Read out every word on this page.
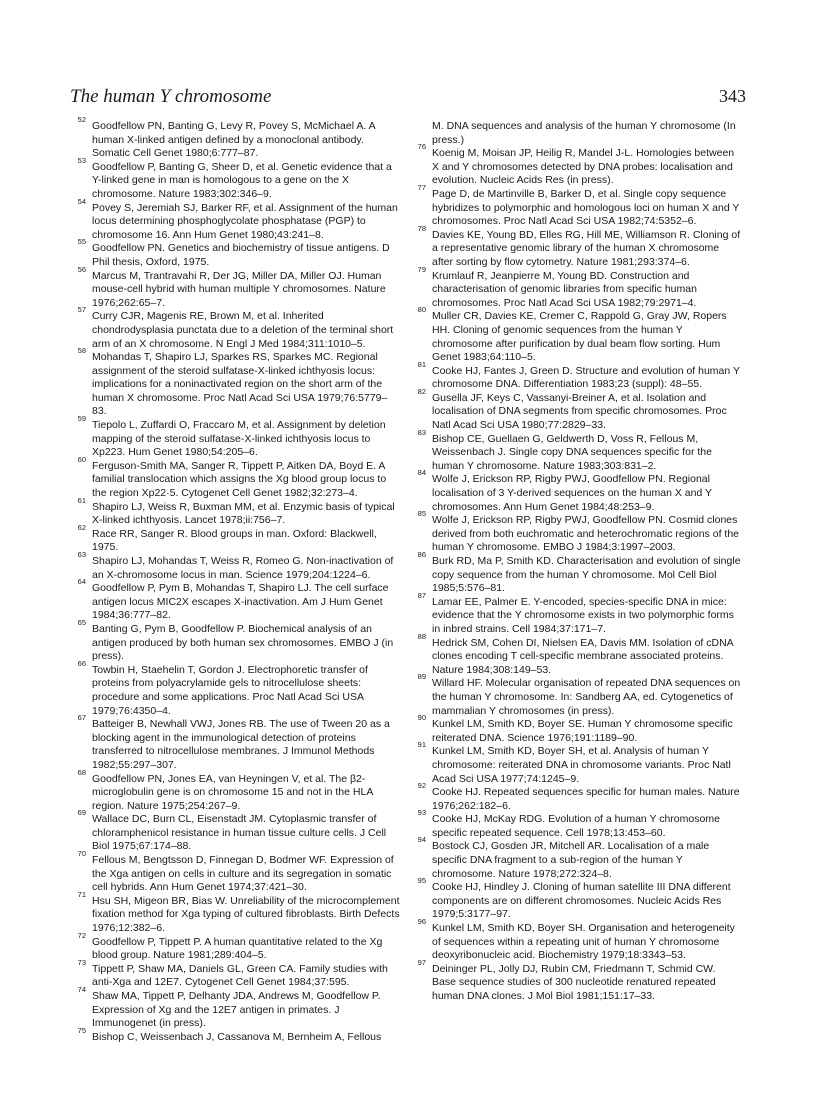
The human Y chromosome	343
52
Goodfellow PN, Banting G, Levy R, Povey S, McMichael A. A human X-linked antigen defined by a monoclonal antibody. Somatic Cell Genet 1980;6:777–87.
53
Goodfellow P, Banting G, Sheer D, et al. Genetic evidence that a Y-linked gene in man is homologous to a gene on the X chromosome. Nature 1983;302:346–9.
54
Povey S, Jeremiah SJ, Barker RF, et al. Assignment of the human locus determining phosphoglycolate phosphatase (PGP) to chromosome 16. Ann Hum Genet 1980;43:241–8.
55
Goodfellow PN. Genetics and biochemistry of tissue antigens. D Phil thesis, Oxford, 1975.
56
Marcus M, Trantravahi R, Der JG, Miller DA, Miller OJ. Human mouse-cell hybrid with human multiple Y chromosomes. Nature 1976;262:65–7.
57
Curry CJR, Magenis RE, Brown M, et al. Inherited chondrodysplasia punctata due to a deletion of the terminal short arm of an X chromosome. N Engl J Med 1984;311:1010–5.
58
Mohandas T, Shapiro LJ, Sparkes RS, Sparkes MC. Regional assignment of the steroid sulfatase-X-linked ichthyosis locus: implications for a noninactivated region on the short arm of the human X chromosome. Proc Natl Acad Sci USA 1979;76:5779–83.
59
Tiepolo L, Zuffardi O, Fraccaro M, et al. Assignment by deletion mapping of the steroid sulfatase-X-linked ichthyosis locus to Xp223. Hum Genet 1980;54:205–6.
60
Ferguson-Smith MA, Sanger R, Tippett P, Aitken DA, Boyd E. A familial translocation which assigns the Xg blood group locus to the region Xp22·5. Cytogenet Cell Genet 1982;32:273–4.
61
Shapiro LJ, Weiss R, Buxman MM, et al. Enzymic basis of typical X-linked ichthyosis. Lancet 1978;ii:756–7.
62
Race RR, Sanger R. Blood groups in man. Oxford: Blackwell, 1975.
63
Shapiro LJ, Mohandas T, Weiss R, Romeo G. Non-inactivation of an X-chromosome locus in man. Science 1979;204:1224–6.
64
Goodfellow P, Pym B, Mohandas T, Shapiro LJ. The cell surface antigen locus MIC2X escapes X-inactivation. Am J Hum Genet 1984;36:777–82.
65
Banting G, Pym B, Goodfellow P. Biochemical analysis of an antigen produced by both human sex chromosomes. EMBO J (in press).
66
Towbin H, Staehelin T, Gordon J. Electrophoretic transfer of proteins from polyacrylamide gels to nitrocellulose sheets: procedure and some applications. Proc Natl Acad Sci USA 1979;76:4350–4.
67
Batteiger B, Newhall VWJ, Jones RB. The use of Tween 20 as a blocking agent in the immunological detection of proteins transferred to nitrocellulose membranes. J Immunol Methods 1982;55:297–307.
68
Goodfellow PN, Jones EA, van Heyningen V, et al. The β2-microglobulin gene is on chromosome 15 and not in the HLA region. Nature 1975;254:267–9.
69
Wallace DC, Burn CL, Eisenstadt JM. Cytoplasmic transfer of chloramphenicol resistance in human tissue culture cells. J Cell Biol 1975;67:174–88.
70
Fellous M, Bengtsson D, Finnegan D, Bodmer WF. Expression of the Xga antigen on cells in culture and its segregation in somatic cell hybrids. Ann Hum Genet 1974;37:421–30.
71
Hsu SH, Migeon BR, Bias W. Unreliability of the microcomplement fixation method for Xga typing of cultured fibroblasts. Birth Defects 1976;12:382–6.
72
Goodfellow P, Tippett P. A human quantitative related to the Xg blood group. Nature 1981;289:404–5.
73
Tippett P, Shaw MA, Daniels GL, Green CA. Family studies with anti-Xga and 12E7. Cytogenet Cell Genet 1984;37:595.
74
Shaw MA, Tippett P, Delhanty JDA, Andrews M, Goodfellow P. Expression of Xg and the 12E7 antigen in primates. J Immunogenet (in press).
75
Bishop C, Weissenbach J, Cassanova M, Bernheim A, Fellous
M. DNA sequences and analysis of the human Y chromosome (In press.)
76
Koenig M, Moisan JP, Heilig R, Mandel J-L. Homologies between X and Y chromosomes detected by DNA probes: localisation and evolution. Nucleic Acids Res (in press).
77
Page D, de Martinville B, Barker D, et al. Single copy sequence hybridizes to polymorphic and homologous loci on human X and Y chromosomes. Proc Natl Acad Sci USA 1982;74:5352–6.
78
Davies KE, Young BD, Elles RG, Hill ME, Williamson R. Cloning of a representative genomic library of the human X chromosome after sorting by flow cytometry. Nature 1981;293:374–6.
79
Krumlauf R, Jeanpierre M, Young BD. Construction and characterisation of genomic libraries from specific human chromosomes. Proc Natl Acad Sci USA 1982;79:2971–4.
80
Muller CR, Davies KE, Cremer C, Rappold G, Gray JW, Ropers HH. Cloning of genomic sequences from the human Y chromosome after purification by dual beam flow sorting. Hum Genet 1983;64:110–5.
81
Cooke HJ, Fantes J, Green D. Structure and evolution of human Y chromosome DNA. Differentiation 1983;23 (suppl): 48–55.
82
Gusella JF, Keys C, Vassanyi-Breiner A, et al. Isolation and localisation of DNA segments from specific chromosomes. Proc Natl Acad Sci USA 1980;77:2829–33.
83
Bishop CE, Guellaen G, Geldwerth D, Voss R, Fellous M, Weissenbach J. Single copy DNA sequences specific for the human Y chromosome. Nature 1983;303:831–2.
84
Wolfe J, Erickson RP, Rigby PWJ, Goodfellow PN. Regional localisation of 3 Y-derived sequences on the human X and Y chromosomes. Ann Hum Genet 1984;48:253–9.
85
Wolfe J, Erickson RP, Rigby PWJ, Goodfellow PN. Cosmid clones derived from both euchromatic and heterochromatic regions of the human Y chromosome. EMBO J 1984;3:1997–2003.
86
Burk RD, Ma P, Smith KD. Characterisation and evolution of single copy sequence from the human Y chromosome. Mol Cell Biol 1985;5:576–81.
87
Lamar EE, Palmer E. Y-encoded, species-specific DNA in mice: evidence that the Y chromosome exists in two polymorphic forms in inbred strains. Cell 1984;37:171–7.
88
Hedrick SM, Cohen DI, Nielsen EA, Davis MM. Isolation of cDNA clones encoding T cell-specific membrane associated proteins. Nature 1984;308:149–53.
89
Willard HF. Molecular organisation of repeated DNA sequences on the human Y chromosome. In: Sandberg AA, ed. Cytogenetics of mammalian Y chromosomes (in press).
90
Kunkel LM, Smith KD, Boyer SE. Human Y chromosome specific reiterated DNA. Science 1976;191:1189–90.
91
Kunkel LM, Smith KD, Boyer SH, et al. Analysis of human Y chromosome: reiterated DNA in chromosome variants. Proc Natl Acad Sci USA 1977;74:1245–9.
92
Cooke HJ. Repeated sequences specific for human males. Nature 1976;262:182–6.
93
Cooke HJ, McKay RDG. Evolution of a human Y chromosome specific repeated sequence. Cell 1978;13:453–60.
94
Bostock CJ, Gosden JR, Mitchell AR. Localisation of a male specific DNA fragment to a sub-region of the human Y chromosome. Nature 1978;272:324–8.
95
Cooke HJ, Hindley J. Cloning of human satellite III DNA different components are on different chromosomes. Nucleic Acids Res 1979;5:3177–97.
96
Kunkel LM, Smith KD, Boyer SH. Organisation and heterogeneity of sequences within a repeating unit of human Y chromosome deoxyribonucleic acid. Biochemistry 1979;18:3343–53.
97
Deininger PL, Jolly DJ, Rubin CM, Friedmann T, Schmid CW. Base sequence studies of 300 nucleotide renatured repeated human DNA clones. J Mol Biol 1981;151:17–33.
